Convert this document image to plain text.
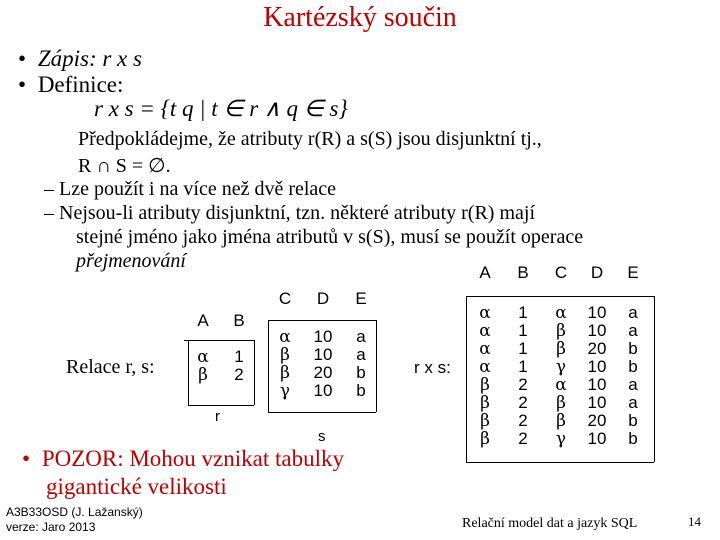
Kartézský součin
• Zápis: r x s
• Definice:
r x s = {t q | t ∈ r ∧ q ∈ s}
Předpokládejme, že atributy r(R) a s(S) jsou disjunktní tj.,
R ∩ S = ∅.
– Lze použít i na více než dvě relace
– Nejsou-li atributy disjunktní, tzn. některé atributy r(R) mají
stejné jméno jako jména atributů v s(S), musí se použít operace
přejmenování
Relace r, s:
A
α
β
B
1
2
r
C
α
β
β
γ
D
10
10
20
10
E
a
a
b
b
s
r x s:
A
α
α
α
α
β
β
β
β
B
1
1
1
1
2
2
2
2
C
α
β
β
γ
α
β
β
γ
D
10
10
20
10
10
10
20
10
E
a
a
b
b
a
a
b
b
• POZOR: Mohou vznikat tabulky
gigantické velikosti
A3B33OSD (J. Lažanský)
verze: Jaro 2013	Relační model dat a jazyk SQL	14
